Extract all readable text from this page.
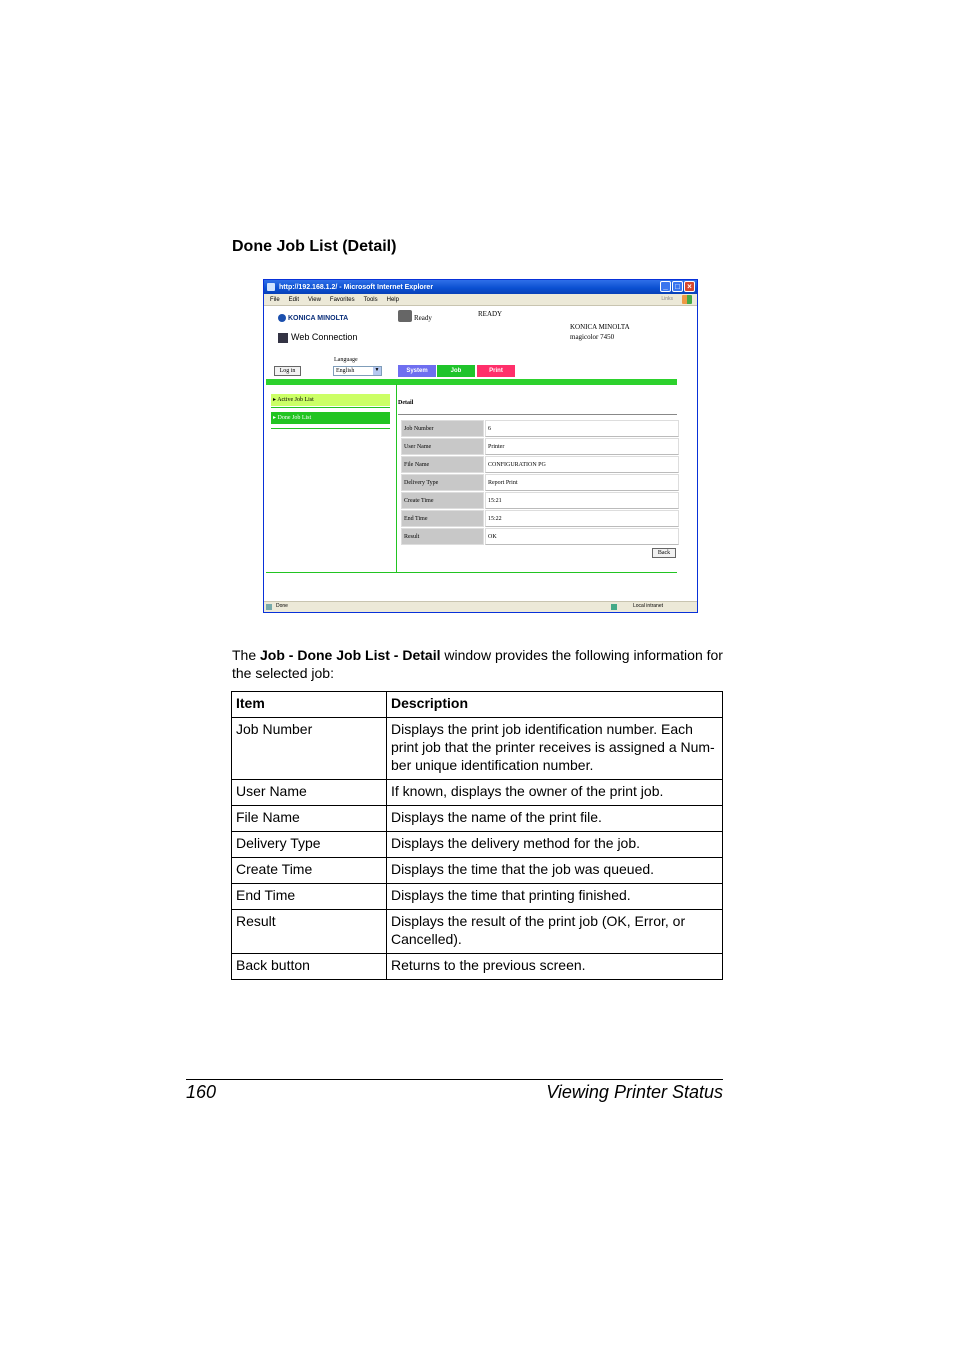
Done Job List (Detail)
http://192.168.1.2/ - Microsoft Internet Explorer	_ □ ×
File Edit View Favorites Tools Help	Links
KONICA MINOLTA
Web Connection
Ready	READY
KONICA MINOLTA
magicolor 7450
Log in
Language
English	▼	System	Job	Print
▸ Active Job List
▸ Done Job List
Detail
Job Number	6
User Name	Printer
File Name	CONFIGURATION PG
Delivery Type	Report Print
Create Time	15:21
End Time	15:22
Result	OK
Back
Done	Local intranet
The Job - Done Job List - Detail window provides the following information for the selected job:
Item	Description
Job Number	Displays the print job identification number. Each print job that the printer receives is assigned a Num-ber unique identification number.
User Name	If known, displays the owner of the print job.
File Name	Displays the name of the print file.
Delivery Type	Displays the delivery method for the job.
Create Time	Displays the time that the job was queued.
End Time	Displays the time that printing finished.
Result	Displays the result of the print job (OK, Error, or Cancelled).
Back button	Returns to the previous screen.
160	Viewing Printer Status
